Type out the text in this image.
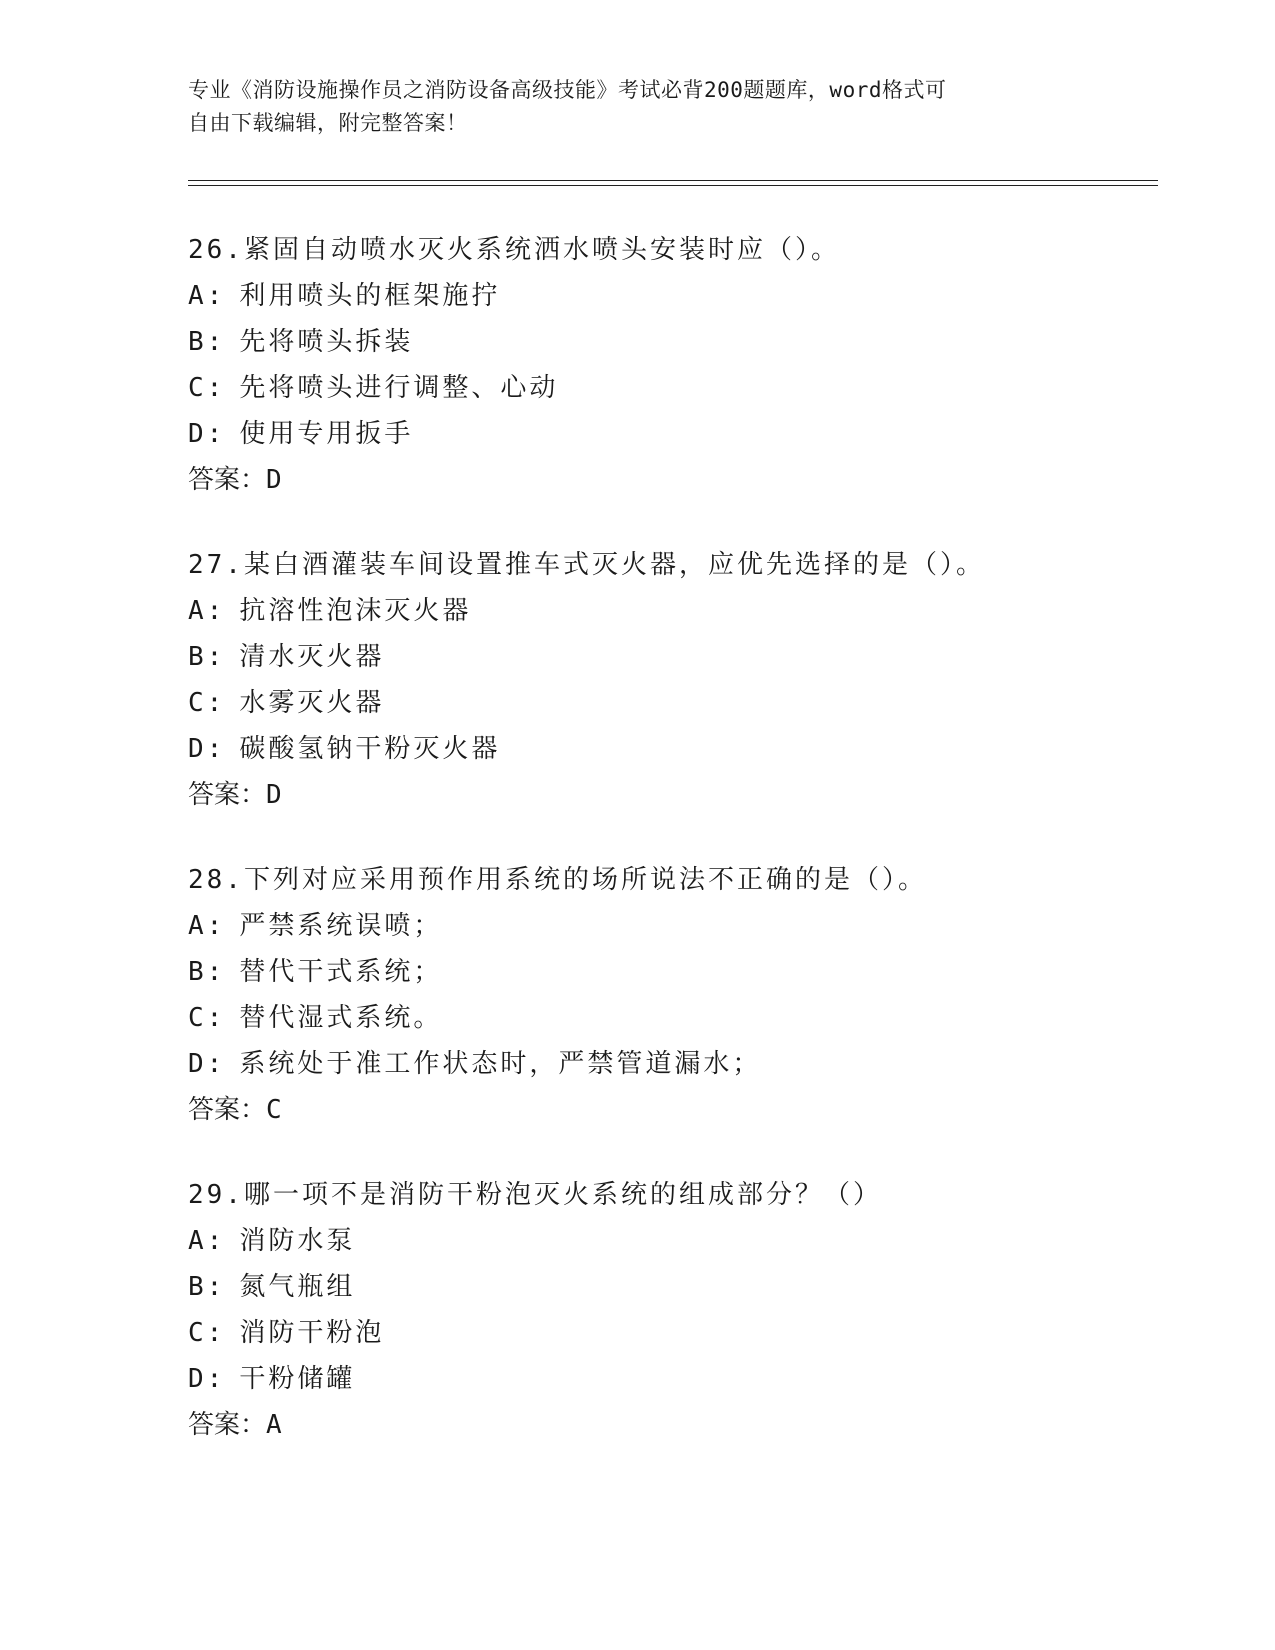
专业《消防设施操作员之消防设备高级技能》考试必背200题题库，word格式可

自由下载编辑，附完整答案！

26.紧固自动喷水灭火系统洒水喷头安装时应（）。
A: 利用喷头的框架施拧
B: 先将喷头拆装
C: 先将喷头进行调整、心动
D: 使用专用扳手
答案：D
27.某白酒灌装车间设置推车式灭火器，应优先选择的是（）。
A: 抗溶性泡沫灭火器
B: 清水灭火器
C: 水雾灭火器
D: 碳酸氢钠干粉灭火器
答案：D
28.下列对应采用预作用系统的场所说法不正确的是（）。
A: 严禁系统误喷；
B: 替代干式系统；
C: 替代湿式系统。
D: 系统处于准工作状态时，严禁管道漏水；
答案：C
29.哪一项不是消防干粉泡灭火系统的组成部分？（）
A: 消防水泵
B: 氮气瓶组
C: 消防干粉泡
D: 干粉储罐
答案：A
